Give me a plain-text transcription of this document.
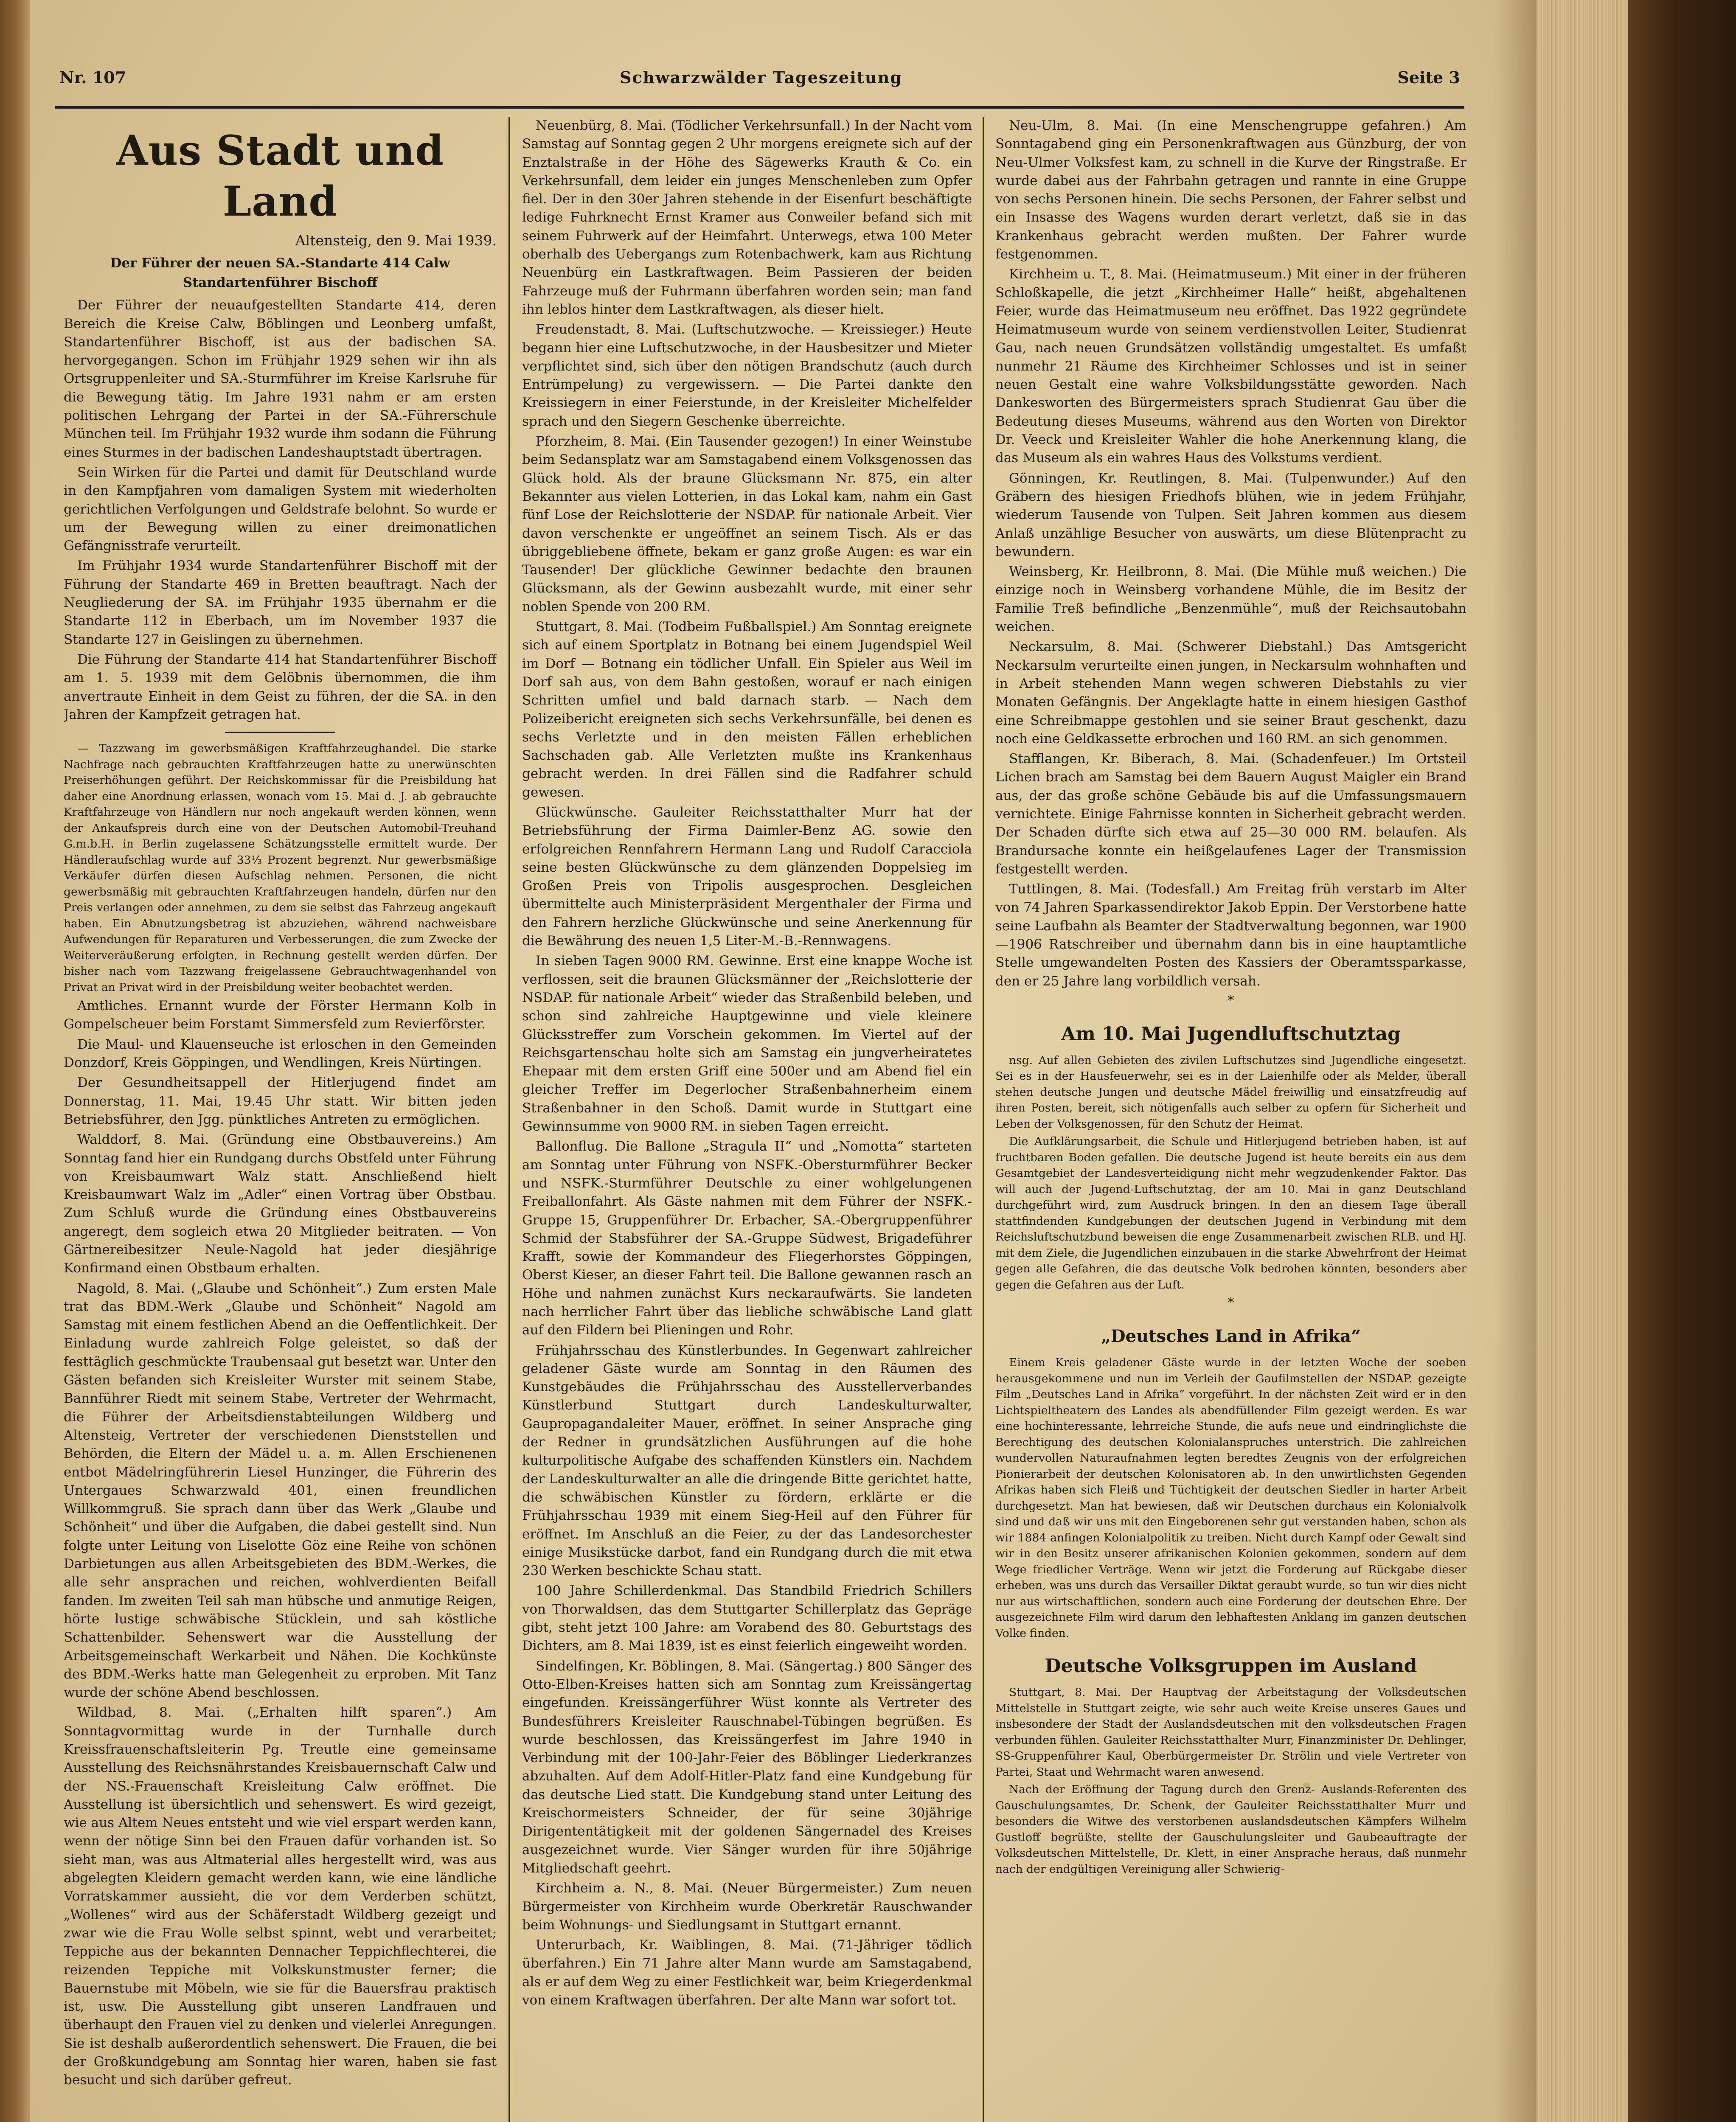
Nr. 107	Schwarzwälder Tageszeitung	Seite 3
Aus Stadt und Land
Altensteig, den 9. Mai 1939.
Der Führer der neuen SA.-Standarte 414 Calw
Standartenführer Bischoff

Der Führer der neuaufgestellten Standarte 414, deren Bereich die Kreise Calw, Böblingen und Leonberg umfaßt, Standartenführer Bischoff, ist aus der badischen SA. hervorgegangen. Schon im Frühjahr 1929 sehen wir ihn als Ortsgruppenleiter und SA.-Sturmführer im Kreise Karlsruhe für die Bewegung tätig. Im Jahre 1931 nahm er am ersten politischen Lehrgang der Partei in der SA.-Führerschule München teil. Im Frühjahr 1932 wurde ihm sodann die Führung eines Sturmes in der badischen Landeshauptstadt übertragen.

Sein Wirken für die Partei und damit für Deutschland wurde in den Kampfjahren vom damaligen System mit wiederholten gerichtlichen Verfolgungen und Geldstrafe belohnt. So wurde er um der Bewegung willen zu einer dreimonatlichen Gefängnisstrafe verurteilt.

Im Frühjahr 1934 wurde Standartenführer Bischoff mit der Führung der Standarte 469 in Bretten beauftragt. Nach der Neugliederung der SA. im Frühjahr 1935 übernahm er die Standarte 112 in Eberbach, um im November 1937 die Standarte 127 in Geislingen zu übernehmen.

Die Führung der Standarte 414 hat Standartenführer Bischoff am 1. 5. 1939 mit dem Gelöbnis übernommen, die ihm anvertraute Einheit in dem Geist zu führen, der die SA. in den Jahren der Kampfzeit getragen hat.

— Tazzwang im gewerbsmäßigen Kraftfahrzeughandel. Die starke Nachfrage nach gebrauchten Kraftfahrzeugen hatte zu unerwünschten Preiserhöhungen geführt. Der Reichskommissar für die Preisbildung hat daher eine Anordnung erlassen, wonach vom 15. Mai d. J. ab gebrauchte Kraftfahrzeuge von Händlern nur noch angekauft werden können, wenn der Ankaufspreis durch eine von der Deutschen Automobil-Treuhand G.m.b.H. in Berlin zugelassene Schätzungsstelle ermittelt wurde. Der Händleraufschlag wurde auf 33⅓ Prozent begrenzt. Nur gewerbsmäßige Verkäufer dürfen diesen Aufschlag nehmen. Personen, die nicht gewerbsmäßig mit gebrauchten Kraftfahrzeugen handeln, dürfen nur den Preis verlangen oder annehmen, zu dem sie selbst das Fahrzeug angekauft haben. Ein Abnutzungsbetrag ist abzuziehen, während nachweisbare Aufwendungen für Reparaturen und Verbesserungen, die zum Zwecke der Weiterveräußerung erfolgten, in Rechnung gestellt werden dürfen. Der bisher nach vom Tazzwang freigelassene Gebrauchtwagenhandel von Privat an Privat wird in der Preisbildung weiter beobachtet werden.

Amtliches. Ernannt wurde der Förster Hermann Kolb in Gompelscheuer beim Forstamt Simmersfeld zum Revierförster.

Die Maul- und Klauenseuche ist erloschen in den Gemeinden Donzdorf, Kreis Göppingen, und Wendlingen, Kreis Nürtingen.

Der Gesundheitsappell der Hitlerjugend findet am Donnerstag, 11. Mai, 19.45 Uhr statt. Wir bitten jeden Betriebsführer, den Jgg. pünktliches Antreten zu ermöglichen.

Walddorf, 8. Mai. (Gründung eine Obstbauvereins.) Am Sonntag fand hier ein Rundgang durchs Obstfeld unter Führung von Kreisbaumwart Walz statt. Anschließend hielt Kreisbaumwart Walz im „Adler“ einen Vortrag über Obstbau. Zum Schluß wurde die Gründung eines Obstbauvereins angeregt, dem sogleich etwa 20 Mitglieder beitraten. — Von Gärtnereibesitzer Neule-Nagold hat jeder diesjährige Konfirmand einen Obstbaum erhalten.

Nagold, 8. Mai. („Glaube und Schönheit“.) Zum ersten Male trat das BDM.-Werk „Glaube und Schönheit“ Nagold am Samstag mit einem festlichen Abend an die Oeffentlichkeit. Der Einladung wurde zahlreich Folge geleistet, so daß der festtäglich geschmückte Traubensaal gut besetzt war. Unter den Gästen befanden sich Kreisleiter Wurster mit seinem Stabe, Bannführer Riedt mit seinem Stabe, Vertreter der Wehrmacht, die Führer der Arbeitsdienstabteilungen Wildberg und Altensteig, Vertreter der verschiedenen Dienststellen und Behörden, die Eltern der Mädel u. a. m. Allen Erschienenen entbot Mädelringführerin Liesel Hunzinger, die Führerin des Untergaues Schwarzwald 401, einen freundlichen Willkommgruß. Sie sprach dann über das Werk „Glaube und Schönheit“ und über die Aufgaben, die dabei gestellt sind. Nun folgte unter Leitung von Liselotte Göz eine Reihe von schönen Darbietungen aus allen Arbeitsgebieten des BDM.-Werkes, die alle sehr ansprachen und reichen, wohlverdienten Beifall fanden. Im zweiten Teil sah man hübsche und anmutige Reigen, hörte lustige schwäbische Stücklein, und sah köstliche Schattenbilder. Sehenswert war die Ausstellung der Arbeitsgemeinschaft Werkarbeit und Nähen. Die Kochkünste des BDM.-Werks hatte man Gelegenheit zu erproben. Mit Tanz wurde der schöne Abend beschlossen.

Wildbad, 8. Mai. („Erhalten hilft sparen“.) Am Sonntagvormittag wurde in der Turnhalle durch Kreissfrauenschaftsleiterin Pg. Treutle eine gemeinsame Ausstellung des Reichsnährstandes Kreisbauernschaft Calw und der NS.-Frauenschaft Kreisleitung Calw eröffnet. Die Ausstellung ist übersichtlich und sehenswert. Es wird gezeigt, wie aus Altem Neues entsteht und wie viel erspart werden kann, wenn der nötige Sinn bei den Frauen dafür vorhanden ist. So sieht man, was aus Altmaterial alles hergestellt wird, was aus abgelegten Kleidern gemacht werden kann, wie eine ländliche Vorratskammer aussieht, die vor dem Verderben schützt, „Wollenes“ wird aus der Schäferstadt Wildberg gezeigt und zwar wie die Frau Wolle selbst spinnt, webt und verarbeitet; Teppiche aus der bekannten Dennacher Teppichflechterei, die reizenden Teppiche mit Volkskunstmuster ferner; die Bauernstube mit Möbeln, wie sie für die Bauersfrau praktisch ist, usw. Die Ausstellung gibt unseren Landfrauen und überhaupt den Frauen viel zu denken und vielerlei Anregungen. Sie ist deshalb außerordentlich sehenswert. Die Frauen, die bei der Großkundgebung am Sonntag hier waren, haben sie fast besucht und sich darüber gefreut.

Neuenbürg, 8. Mai. (Tödlicher Verkehrsunfall.) In der Nacht vom Samstag auf Sonntag gegen 2 Uhr morgens ereignete sich auf der Enztalstraße in der Höhe des Sägewerks Krauth & Co. ein Verkehrsunfall, dem leider ein junges Menschenleben zum Opfer fiel. Der in den 30er Jahren stehende in der Eisenfurt beschäftigte ledige Fuhrknecht Ernst Kramer aus Conweiler befand sich mit seinem Fuhrwerk auf der Heimfahrt. Unterwegs, etwa 100 Meter oberhalb des Uebergangs zum Rotenbachwerk, kam aus Richtung Neuenbürg ein Lastkraftwagen. Beim Passieren der beiden Fahrzeuge muß der Fuhrmann überfahren worden sein; man fand ihn leblos hinter dem Lastkraftwagen, als dieser hielt.

Freudenstadt, 8. Mai. (Luftschutzwoche. — Kreissieger.) Heute begann hier eine Luftschutzwoche, in der Hausbesitzer und Mieter verpflichtet sind, sich über den nötigen Brandschutz (auch durch Entrümpelung) zu vergewissern. — Die Partei dankte den Kreissiegern in einer Feierstunde, in der Kreisleiter Michelfelder sprach und den Siegern Geschenke überreichte.

Pforzheim, 8. Mai. (Ein Tausender gezogen!) In einer Weinstube beim Sedansplatz war am Samstagabend einem Volksgenossen das Glück hold. Als der braune Glücksmann Nr. 875, ein alter Bekannter aus vielen Lotterien, in das Lokal kam, nahm ein Gast fünf Lose der Reichslotterie der NSDAP. für nationale Arbeit. Vier davon verschenkte er ungeöffnet an seinem Tisch. Als er das übriggebliebene öffnete, bekam er ganz große Augen: es war ein Tausender! Der glückliche Gewinner bedachte den braunen Glücksmann, als der Gewinn ausbezahlt wurde, mit einer sehr noblen Spende von 200 RM.

Stuttgart, 8. Mai. (Todbeim Fußballspiel.) Am Sonntag ereignete sich auf einem Sportplatz in Botnang bei einem Jugendspiel Weil im Dorf — Botnang ein tödlicher Unfall. Ein Spieler aus Weil im Dorf sah aus, von dem Bahn gestoßen, worauf er nach einigen Schritten umfiel und bald darnach starb. — Nach dem Polizeibericht ereigneten sich sechs Verkehrsunfälle, bei denen es sechs Verletzte und in den meisten Fällen erheblichen Sachschaden gab. Alle Verletzten mußte ins Krankenhaus gebracht werden. In drei Fällen sind die Radfahrer schuld gewesen.

Glückwünsche. Gauleiter Reichsstatthalter Murr hat der Betriebsführung der Firma Daimler-Benz AG. sowie den erfolgreichen Rennfahrern Hermann Lang und Rudolf Caracciola seine besten Glückwünsche zu dem glänzenden Doppelsieg im Großen Preis von Tripolis ausgesprochen. Desgleichen übermittelte auch Ministerpräsident Mergenthaler der Firma und den Fahrern herzliche Glückwünsche und seine Anerkennung für die Bewährung des neuen 1,5 Liter-M.-B.-Rennwagens.

In sieben Tagen 9000 RM. Gewinne. Erst eine knappe Woche ist verflossen, seit die braunen Glücksmänner der „Reichslotterie der NSDAP. für nationale Arbeit“ wieder das Straßenbild beleben, und schon sind zahlreiche Hauptgewinne und viele kleinere Glücksstreffer zum Vorschein gekommen. Im Viertel auf der Reichsgartenschau holte sich am Samstag ein jungverheiratetes Ehepaar mit dem ersten Griff eine 500er und am Abend fiel ein gleicher Treffer im Degerlocher Straßenbahnerheim einem Straßenbahner in den Schoß. Damit wurde in Stuttgart eine Gewinnsumme von 9000 RM. in sieben Tagen erreicht.

Ballonflug. Die Ballone „Stragula II“ und „Nomotta“ starteten am Sonntag unter Führung von NSFK.-Obersturmführer Becker und NSFK.-Sturmführer Deutschle zu einer wohlgelungenen Freiballonfahrt. Als Gäste nahmen mit dem Führer der NSFK.-Gruppe 15, Gruppenführer Dr. Erbacher, SA.-Obergruppenführer Schmid der Stabsführer der SA.-Gruppe Südwest, Brigadeführer Krafft, sowie der Kommandeur des Fliegerhorstes Göppingen, Oberst Kieser, an dieser Fahrt teil. Die Ballone gewannen rasch an Höhe und nahmen zunächst Kurs neckaraufwärts. Sie landeten nach herrlicher Fahrt über das liebliche schwäbische Land glatt auf den Fildern bei Plieningen und Rohr.

Frühjahrsschau des Künstlerbundes. In Gegenwart zahlreicher geladener Gäste wurde am Sonntag in den Räumen des Kunstgebäudes die Frühjahrsschau des Ausstellerverbandes Künstlerbund Stuttgart durch Landeskulturwalter, Gaupropagandaleiter Mauer, eröffnet. In seiner Ansprache ging der Redner in grundsätzlichen Ausführungen auf die hohe kulturpolitische Aufgabe des schaffenden Künstlers ein. Nachdem der Landeskulturwalter an alle die dringende Bitte gerichtet hatte, die schwäbischen Künstler zu fördern, erklärte er die Frühjahrsschau 1939 mit einem Sieg-Heil auf den Führer für eröffnet. Im Anschluß an die Feier, zu der das Landesorchester einige Musikstücke darbot, fand ein Rundgang durch die mit etwa 230 Werken beschickte Schau statt.

100 Jahre Schillerdenkmal. Das Standbild Friedrich Schillers von Thorwaldsen, das dem Stuttgarter Schillerplatz das Gepräge gibt, steht jetzt 100 Jahre: am Vorabend des 80. Geburtstags des Dichters, am 8. Mai 1839, ist es einst feierlich eingeweiht worden.

Sindelfingen, Kr. Böblingen, 8. Mai. (Sängertag.) 800 Sänger des Otto-Elben-Kreises hatten sich am Sonntag zum Kreissängertag eingefunden. Kreissängerführer Wüst konnte als Vertreter des Bundesführers Kreisleiter Rauschnabel-Tübingen begrüßen. Es wurde beschlossen, das Kreissängerfest im Jahre 1940 in Verbindung mit der 100-Jahr-Feier des Böblinger Liederkranzes abzuhalten. Auf dem Adolf-Hitler-Platz fand eine Kundgebung für das deutsche Lied statt. Die Kundgebung stand unter Leitung des Kreischormeisters Schneider, der für seine 30jährige Dirigententätigkeit mit der goldenen Sängernadel des Kreises ausgezeichnet wurde. Vier Sänger wurden für ihre 50jährige Mitgliedschaft geehrt.

Kirchheim a. N., 8. Mai. (Neuer Bürgermeister.) Zum neuen Bürgermeister von Kirchheim wurde Oberkretär Rauschwander beim Wohnungs- und Siedlungsamt in Stuttgart ernannt.

Unterurbach, Kr. Waiblingen, 8. Mai. (71-Jähriger tödlich überfahren.) Ein 71 Jahre alter Mann wurde am Samstagabend, als er auf dem Weg zu einer Festlichkeit war, beim Kriegerdenkmal von einem Kraftwagen überfahren. Der alte Mann war sofort tot.

Neu-Ulm, 8. Mai. (In eine Menschengruppe gefahren.) Am Sonntagabend ging ein Personenkraftwagen aus Günzburg, der von Neu-Ulmer Volksfest kam, zu schnell in die Kurve der Ringstraße. Er wurde dabei aus der Fahrbahn getragen und rannte in eine Gruppe von sechs Personen hinein. Die sechs Personen, der Fahrer selbst und ein Insasse des Wagens wurden derart verletzt, daß sie in das Krankenhaus gebracht werden mußten. Der Fahrer wurde festgenommen.

Kirchheim u. T., 8. Mai. (Heimatmuseum.) Mit einer in der früheren Schloßkapelle, die jetzt „Kirchheimer Halle“ heißt, abgehaltenen Feier, wurde das Heimatmuseum neu eröffnet. Das 1922 gegründete Heimatmuseum wurde von seinem verdienstvollen Leiter, Studienrat Gau, nach neuen Grundsätzen vollständig umgestaltet. Es umfaßt nunmehr 21 Räume des Kirchheimer Schlosses und ist in seiner neuen Gestalt eine wahre Volksbildungsstätte geworden. Nach Dankesworten des Bürgermeisters sprach Studienrat Gau über die Bedeutung dieses Museums, während aus den Worten von Direktor Dr. Veeck und Kreisleiter Wahler die hohe Anerkennung klang, die das Museum als ein wahres Haus des Volkstums verdient.

Gönningen, Kr. Reutlingen, 8. Mai. (Tulpenwunder.) Auf den Gräbern des hiesigen Friedhofs blühen, wie in jedem Frühjahr, wiederum Tausende von Tulpen. Seit Jahren kommen aus diesem Anlaß unzählige Besucher von auswärts, um diese Blütenpracht zu bewundern.

Weinsberg, Kr. Heilbronn, 8. Mai. (Die Mühle muß weichen.) Die einzige noch in Weinsberg vorhandene Mühle, die im Besitz der Familie Treß befindliche „Benzenmühle“, muß der Reichsautobahn weichen.

Neckarsulm, 8. Mai. (Schwerer Diebstahl.) Das Amtsgericht Neckarsulm verurteilte einen jungen, in Neckarsulm wohnhaften und in Arbeit stehenden Mann wegen schweren Diebstahls zu vier Monaten Gefängnis. Der Angeklagte hatte in einem hiesigen Gasthof eine Schreibmappe gestohlen und sie seiner Braut geschenkt, dazu noch eine Geldkassette erbrochen und 160 RM. an sich genommen.

Stafflangen, Kr. Biberach, 8. Mai. (Schadenfeuer.) Im Ortsteil Lichen brach am Samstag bei dem Bauern August Maigler ein Brand aus, der das große schöne Gebäude bis auf die Umfassungsmauern vernichtete. Einige Fahrnisse konnten in Sicherheit gebracht werden. Der Schaden dürfte sich etwa auf 25—30 000 RM. belaufen. Als Brandursache konnte ein heißgelaufenes Lager der Transmission festgestellt werden.

Tuttlingen, 8. Mai. (Todesfall.) Am Freitag früh verstarb im Alter von 74 Jahren Sparkassendirektor Jakob Eppin. Der Verstorbene hatte seine Laufbahn als Beamter der Stadtverwaltung begonnen, war 1900—1906 Ratschreiber und übernahm dann bis in eine hauptamtliche Stelle umgewandelten Posten des Kassiers der Oberamtssparkasse, den er 25 Jahre lang vorbildlich versah.

*
Am 10. Mai Jugendluftschutztag

nsg. Auf allen Gebieten des zivilen Luftschutzes sind Jugendliche eingesetzt. Sei es in der Hausfeuerwehr, sei es in der Laienhilfe oder als Melder, überall stehen deutsche Jungen und deutsche Mädel freiwillig und einsatzfreudig auf ihren Posten, bereit, sich nötigenfalls auch selber zu opfern für Sicherheit und Leben der Volksgenossen, für den Schutz der Heimat.

Die Aufklärungsarbeit, die Schule und Hitlerjugend betrieben haben, ist auf fruchtbaren Boden gefallen. Die deutsche Jugend ist heute bereits ein aus dem Gesamtgebiet der Landesverteidigung nicht mehr wegzudenkender Faktor. Das will auch der Jugend-Luftschutztag, der am 10. Mai in ganz Deutschland durchgeführt wird, zum Ausdruck bringen. In den an diesem Tage überall stattfindenden Kundgebungen der deutschen Jugend in Verbindung mit dem Reichsluftschutzbund beweisen die enge Zusammenarbeit zwischen RLB. und HJ. mit dem Ziele, die Jugendlichen einzubauen in die starke Abwehrfront der Heimat gegen alle Gefahren, die das deutsche Volk bedrohen könnten, besonders aber gegen die Gefahren aus der Luft.

*
„Deutsches Land in Afrika“

Einem Kreis geladener Gäste wurde in der letzten Woche der soeben herausgekommene und nun im Verleih der Gaufilmstellen der NSDAP. gezeigte Film „Deutsches Land in Afrika“ vorgeführt. In der nächsten Zeit wird er in den Lichtspieltheatern des Landes als abendfüllender Film gezeigt werden. Es war eine hochinteressante, lehrreiche Stunde, die aufs neue und eindringlichste die Berechtigung des deutschen Kolonialanspruches unterstrich. Die zahlreichen wundervollen Naturaufnahmen legten beredtes Zeugnis von der erfolgreichen Pionierarbeit der deutschen Kolonisatoren ab. In den unwirtlichsten Gegenden Afrikas haben sich Fleiß und Tüchtigkeit der deutschen Siedler in harter Arbeit durchgesetzt. Man hat bewiesen, daß wir Deutschen durchaus ein Kolonialvolk sind und daß wir uns mit den Eingeborenen sehr gut verstanden haben, schon als wir 1884 anfingen Kolonialpolitik zu treiben. Nicht durch Kampf oder Gewalt sind wir in den Besitz unserer afrikanischen Kolonien gekommen, sondern auf dem Wege friedlicher Verträge. Wenn wir jetzt die Forderung auf Rückgabe dieser erheben, was uns durch das Versailler Diktat geraubt wurde, so tun wir dies nicht nur aus wirtschaftlichen, sondern auch eine Forderung der deutschen Ehre. Der ausgezeichnete Film wird darum den lebhaftesten Anklang im ganzen deutschen Volke finden.

Deutsche Volksgruppen im Ausland

Stuttgart, 8. Mai. Der Hauptvag der Arbeitstagung der Volksdeutschen Mittelstelle in Stuttgart zeigte, wie sehr auch weite Kreise unseres Gaues und insbesondere der Stadt der Auslandsdeutschen mit den volksdeutschen Fragen verbunden fühlen. Gauleiter Reichsstatthalter Murr, Finanzminister Dr. Dehlinger, SS-Gruppenführer Kaul, Oberbürgermeister Dr. Strölin und viele Vertreter von Partei, Staat und Wehrmacht waren anwesend.

Nach der Eröffnung der Tagung durch den Grenz- Auslands-Referenten des Gauschulungsamtes, Dr. Schenk, der Gauleiter Reichsstatthalter Murr und besonders die Witwe des verstorbenen auslandsdeutschen Kämpfers Wilhelm Gustloff begrüßte, stellte der Gauschulungsleiter und Gaubeauftragte der Volksdeutschen Mittelstelle, Dr. Klett, in einer Ansprache heraus, daß nunmehr nach der endgültigen Vereinigung aller Schwierig-
